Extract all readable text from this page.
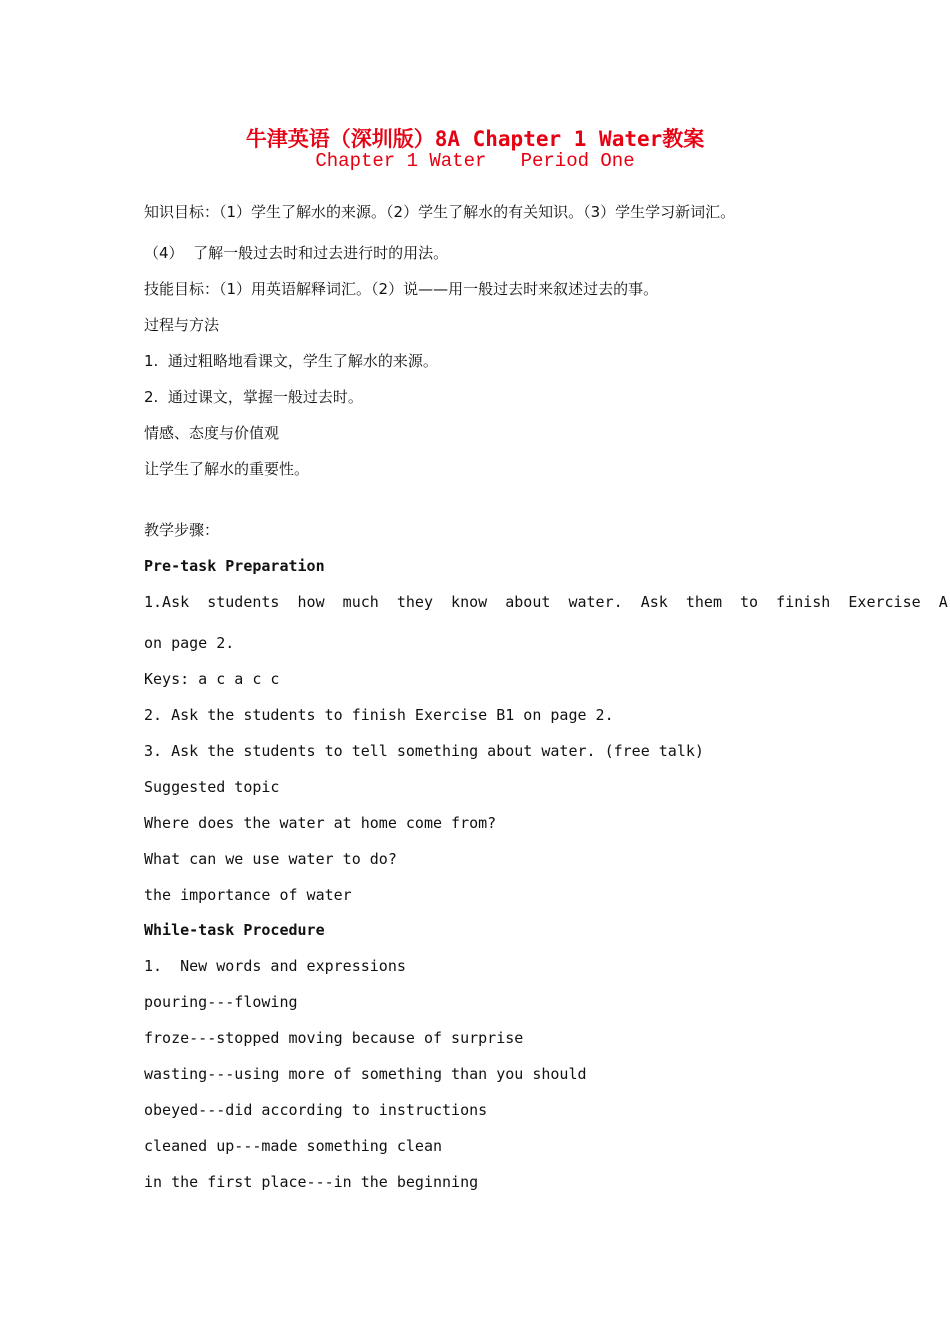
牛津英语（深圳版）8A Chapter 1 Water教案
Chapter 1 Water   Period One
知识目标：（1）学生了解水的来源。（2）学生了解水的有关知识。（3）学生学习新词汇。
（4）  了解一般过去时和过去进行时的用法。
技能目标：（1）用英语解释词汇。（2）说——用一般过去时来叙述过去的事。
过程与方法
1.  通过粗略地看课文，学生了解水的来源。
2.  通过课文，掌握一般过去时。
情感、态度与价值观
让学生了解水的重要性。
教学步骤：
Pre-task Preparation
1.Ask  students  how  much  they  know  about  water.  Ask  them  to  finish  Exercise  A
on page 2.
Keys: a c a c c
2. Ask the students to finish Exercise B1 on page 2.
3. Ask the students to tell something about water. (free talk)
Suggested topic
Where does the water at home come from?
What can we use water to do?
the importance of water
While-task Procedure
1.  New words and expressions
pouring---flowing
froze---stopped moving because of surprise
wasting---using more of something than you should
obeyed---did according to instructions
cleaned up---made something clean
in the first place---in the beginning
